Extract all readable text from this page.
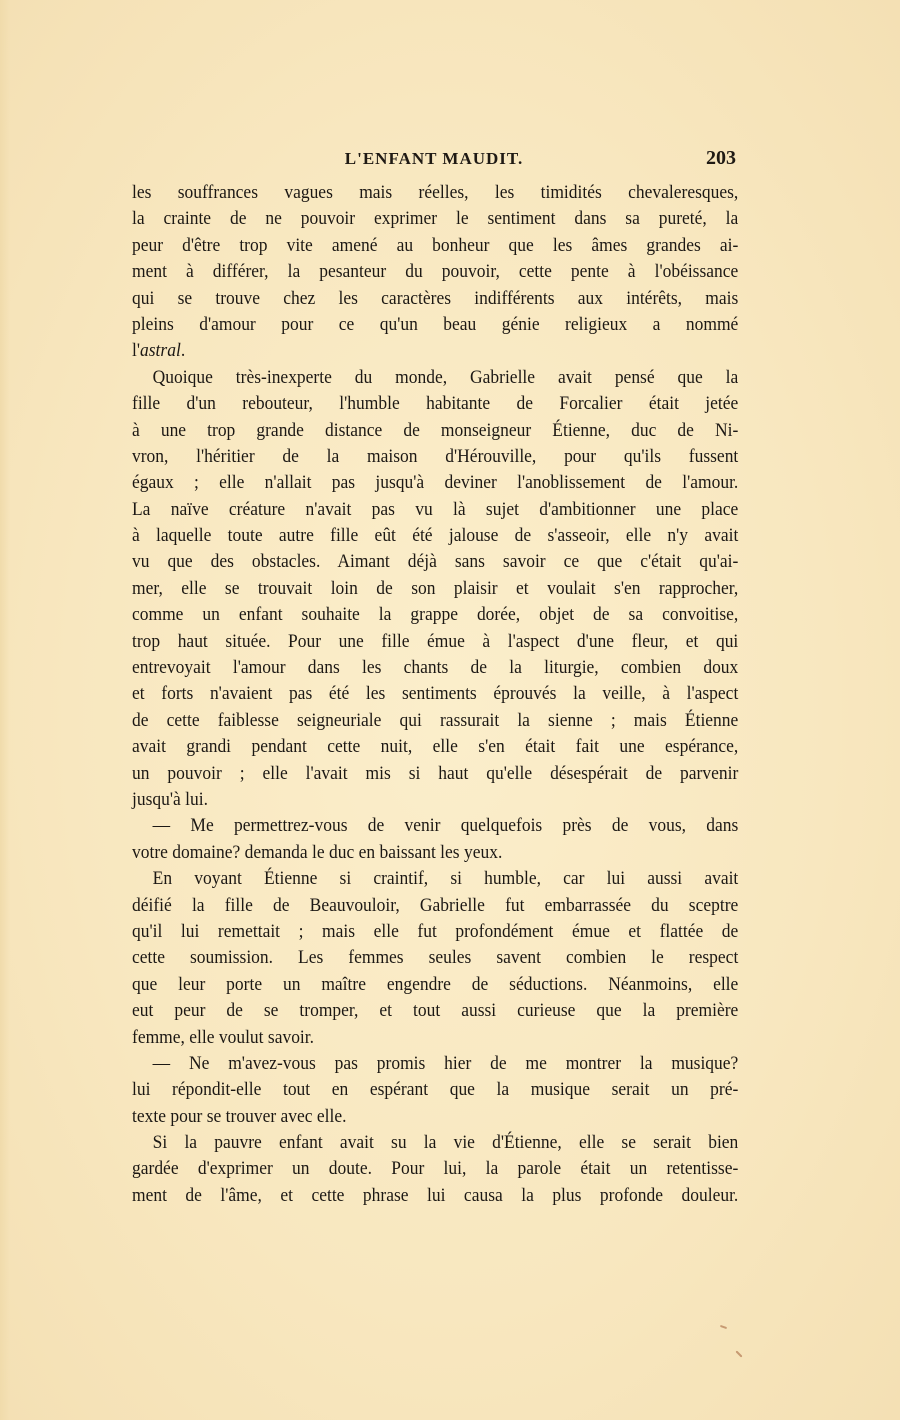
L'ENFANT MAUDIT.	203
les souffrances vagues mais réelles, les timidités chevaleresques,
la crainte de ne pouvoir exprimer le sentiment dans sa pureté, la
peur d'être trop vite amené au bonheur que les âmes grandes ai-
ment à différer, la pesanteur du pouvoir, cette pente à l'obéissance
qui se trouve chez les caractères indifférents aux intérêts, mais
pleins d'amour pour ce qu'un beau génie religieux a nommé
l'astral.
Quoique très-inexperte du monde, Gabrielle avait pensé que la
fille d'un rebouteur, l'humble habitante de Forcalier était jetée
à une trop grande distance de monseigneur Étienne, duc de Ni-
vron, l'héritier de la maison d'Hérouville, pour qu'ils fussent
égaux ; elle n'allait pas jusqu'à deviner l'anoblissement de l'amour.
La naïve créature n'avait pas vu là sujet d'ambitionner une place
à laquelle toute autre fille eût été jalouse de s'asseoir, elle n'y avait
vu que des obstacles. Aimant déjà sans savoir ce que c'était qu'ai-
mer, elle se trouvait loin de son plaisir et voulait s'en rapprocher,
comme un enfant souhaite la grappe dorée, objet de sa convoitise,
trop haut située. Pour une fille émue à l'aspect d'une fleur, et qui
entrevoyait l'amour dans les chants de la liturgie, combien doux
et forts n'avaient pas été les sentiments éprouvés la veille, à l'aspect
de cette faiblesse seigneuriale qui rassurait la sienne ; mais Étienne
avait grandi pendant cette nuit, elle s'en était fait une espérance,
un pouvoir ; elle l'avait mis si haut qu'elle désespérait de parvenir
jusqu'à lui.
— Me permettrez-vous de venir quelquefois près de vous, dans
votre domaine? demanda le duc en baissant les yeux.
En voyant Étienne si craintif, si humble, car lui aussi avait
déifié la fille de Beauvouloir, Gabrielle fut embarrassée du sceptre
qu'il lui remettait ; mais elle fut profondément émue et flattée de
cette soumission. Les femmes seules savent combien le respect
que leur porte un maître engendre de séductions. Néanmoins, elle
eut peur de se tromper, et tout aussi curieuse que la première
femme, elle voulut savoir.
— Ne m'avez-vous pas promis hier de me montrer la musique?
lui répondit-elle tout en espérant que la musique serait un pré-
texte pour se trouver avec elle.
Si la pauvre enfant avait su la vie d'Étienne, elle se serait bien
gardée d'exprimer un doute. Pour lui, la parole était un retentisse-
ment de l'âme, et cette phrase lui causa la plus profonde douleur.
